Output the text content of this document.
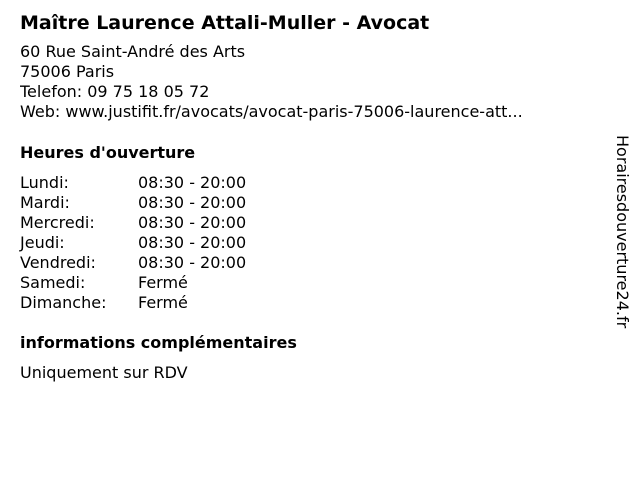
Maître Laurence Attali-Muller - Avocat
60 Rue Saint-André des Arts
75006 Paris
Telefon: 09 75 18 05 72
Web: www.justifit.fr/avocats/avocat-paris-75006-laurence-att...
Heures d'ouverture
Lundi:	08:30 - 20:00
Mardi:	08:30 - 20:00
Mercredi:	08:30 - 20:00
Jeudi:	08:30 - 20:00
Vendredi:	08:30 - 20:00
Samedi:	Fermé
Dimanche:	Fermé
informations complémentaires
Uniquement sur RDV
Horairesdouverture24.fr
